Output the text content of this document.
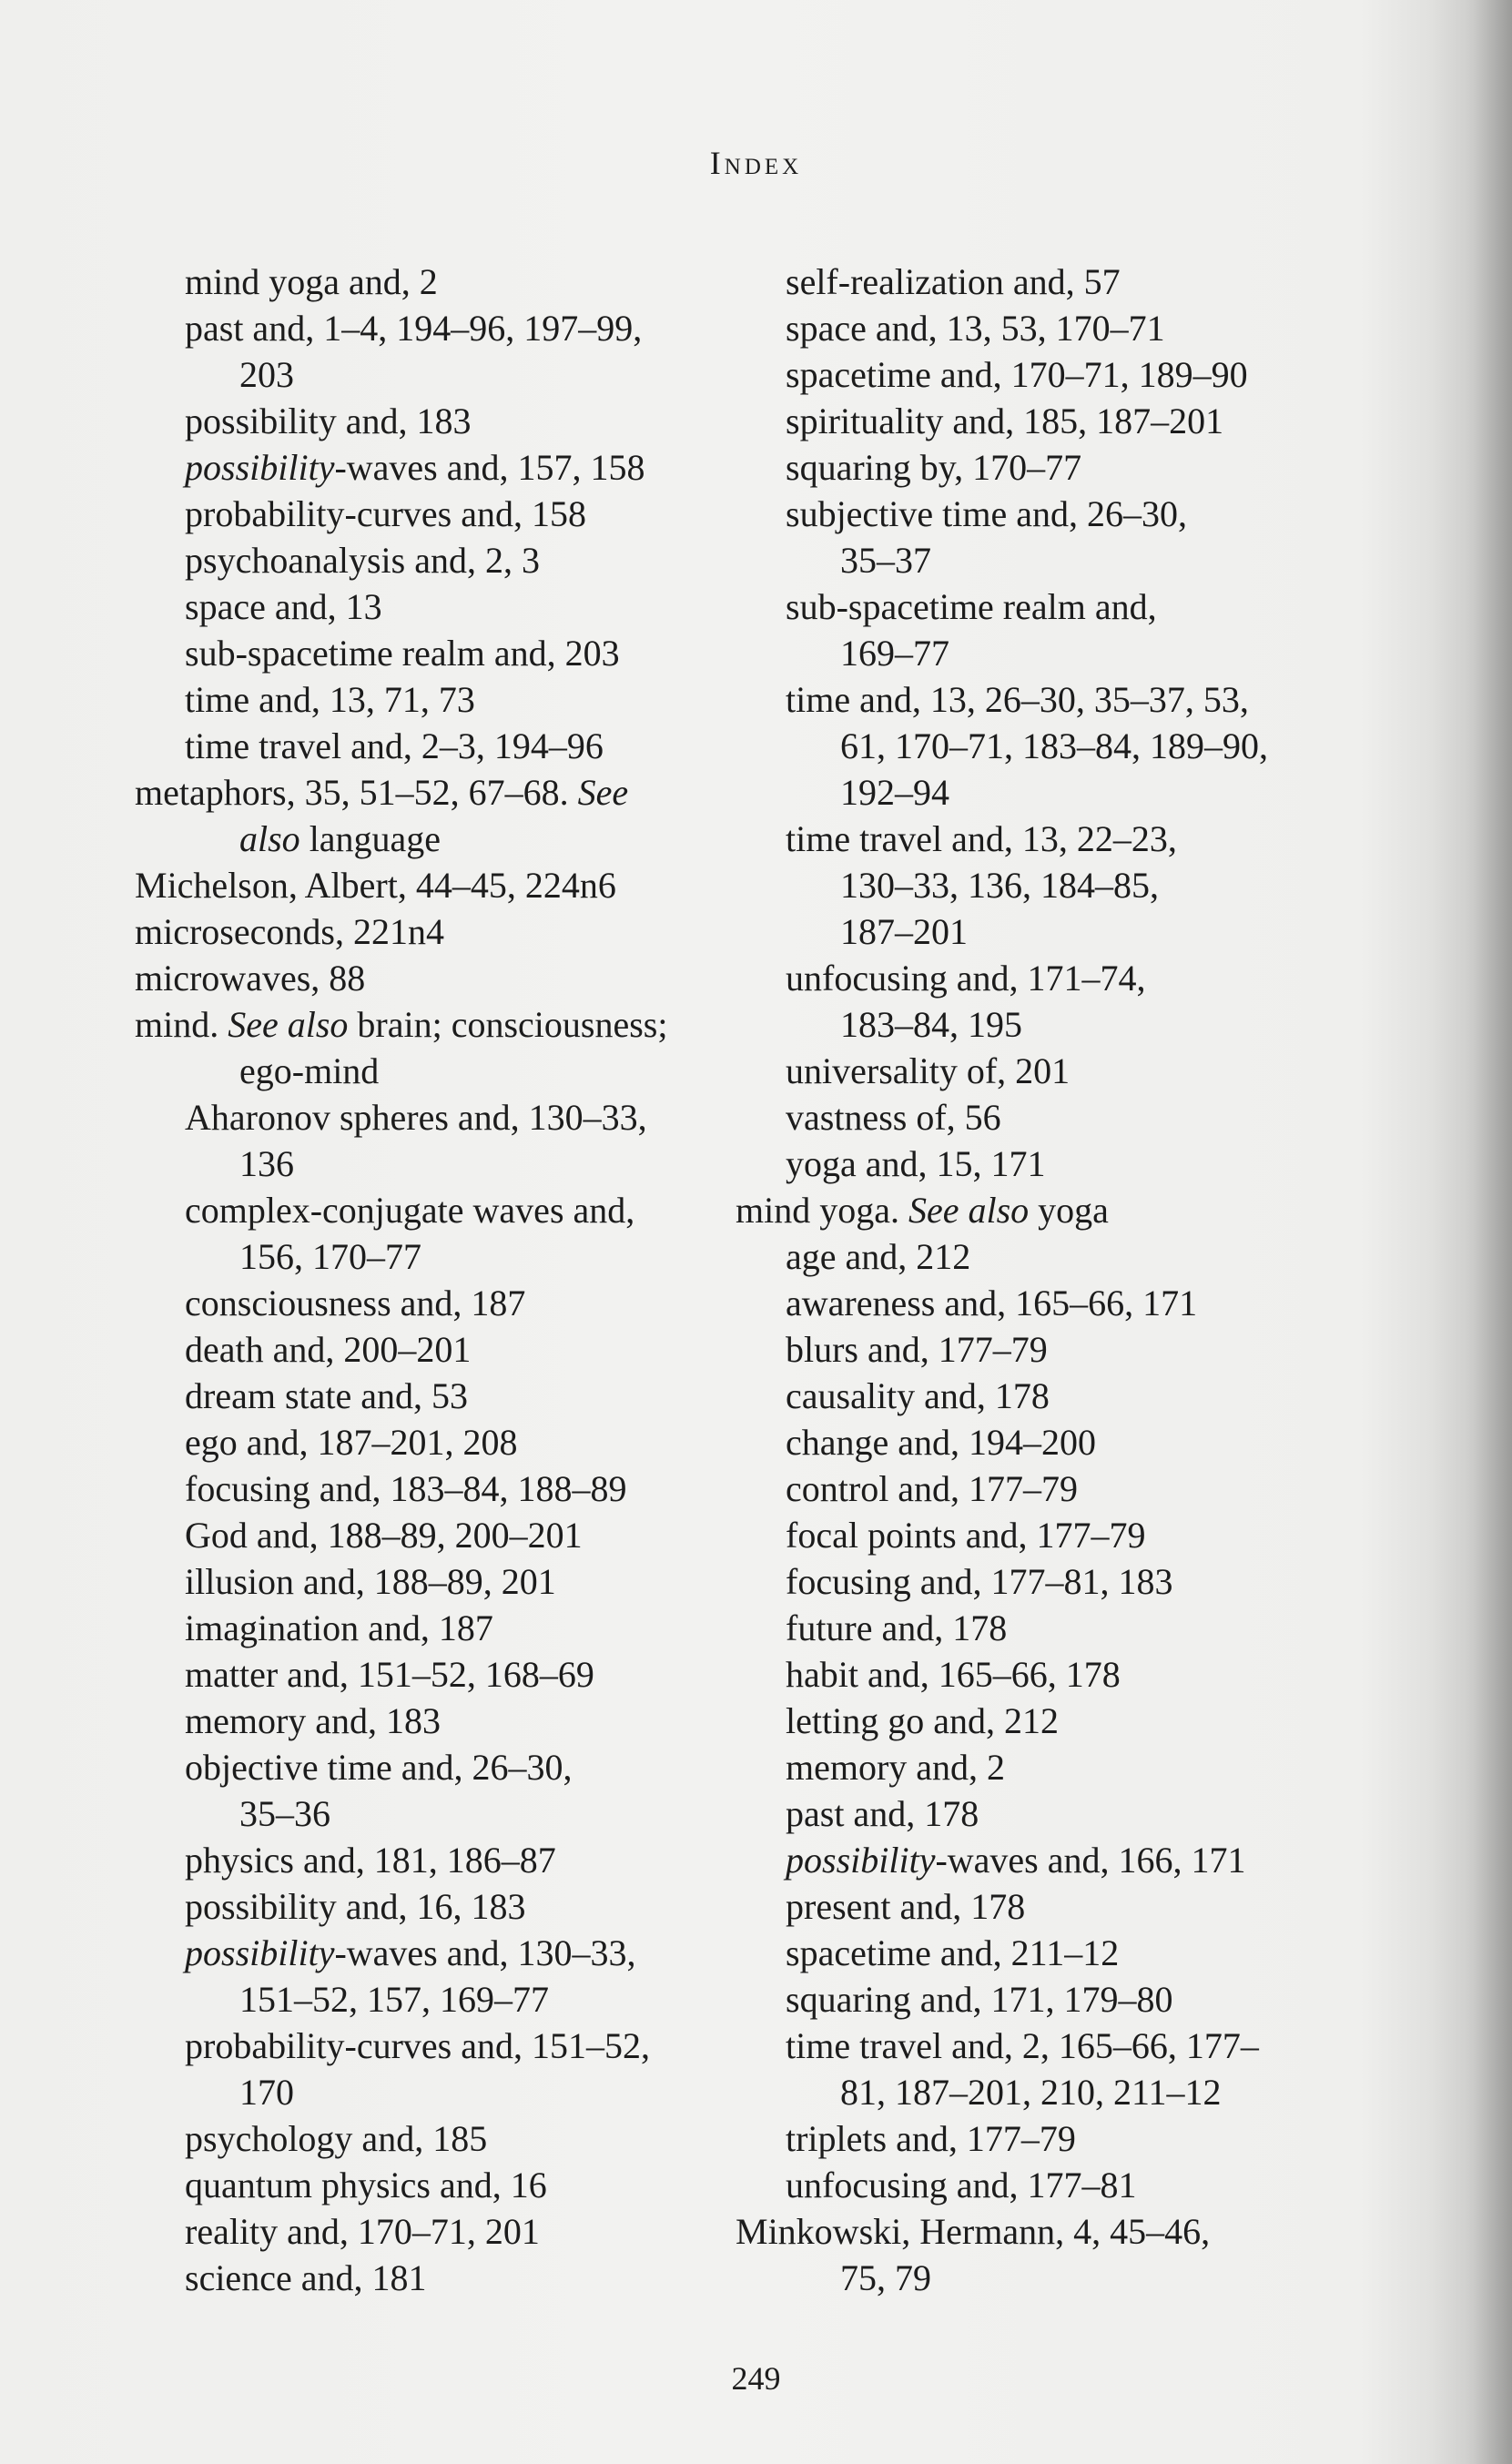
Index
mind yoga and, 2
past and, 1–4, 194–96, 197–99,
203
possibility and, 183
possibility-waves and, 157, 158
probability-curves and, 158
psychoanalysis and, 2, 3
space and, 13
sub-spacetime realm and, 203
time and, 13, 71, 73
time travel and, 2–3, 194–96
metaphors, 35, 51–52, 67–68. See
also language
Michelson, Albert, 44–45, 224n6
microseconds, 221n4
microwaves, 88
mind. See also brain; consciousness;
ego-mind
Aharonov spheres and, 130–33,
136
complex-conjugate waves and,
156, 170–77
consciousness and, 187
death and, 200–201
dream state and, 53
ego and, 187–201, 208
focusing and, 183–84, 188–89
God and, 188–89, 200–201
illusion and, 188–89, 201
imagination and, 187
matter and, 151–52, 168–69
memory and, 183
objective time and, 26–30,
35–36
physics and, 181, 186–87
possibility and, 16, 183
possibility-waves and, 130–33,
151–52, 157, 169–77
probability-curves and, 151–52,
170
psychology and, 185
quantum physics and, 16
reality and, 170–71, 201
science and, 181
self-realization and, 57
space and, 13, 53, 170–71
spacetime and, 170–71, 189–90
spirituality and, 185, 187–201
squaring by, 170–77
subjective time and, 26–30,
35–37
sub-spacetime realm and,
169–77
time and, 13, 26–30, 35–37, 53,
61, 170–71, 183–84, 189–90,
192–94
time travel and, 13, 22–23,
130–33, 136, 184–85,
187–201
unfocusing and, 171–74,
183–84, 195
universality of, 201
vastness of, 56
yoga and, 15, 171
mind yoga. See also yoga
age and, 212
awareness and, 165–66, 171
blurs and, 177–79
causality and, 178
change and, 194–200
control and, 177–79
focal points and, 177–79
focusing and, 177–81, 183
future and, 178
habit and, 165–66, 178
letting go and, 212
memory and, 2
past and, 178
possibility-waves and, 166, 171
present and, 178
spacetime and, 211–12
squaring and, 171, 179–80
time travel and, 2, 165–66, 177–
81, 187–201, 210, 211–12
triplets and, 177–79
unfocusing and, 177–81
Minkowski, Hermann, 4, 45–46,
75, 79
249
